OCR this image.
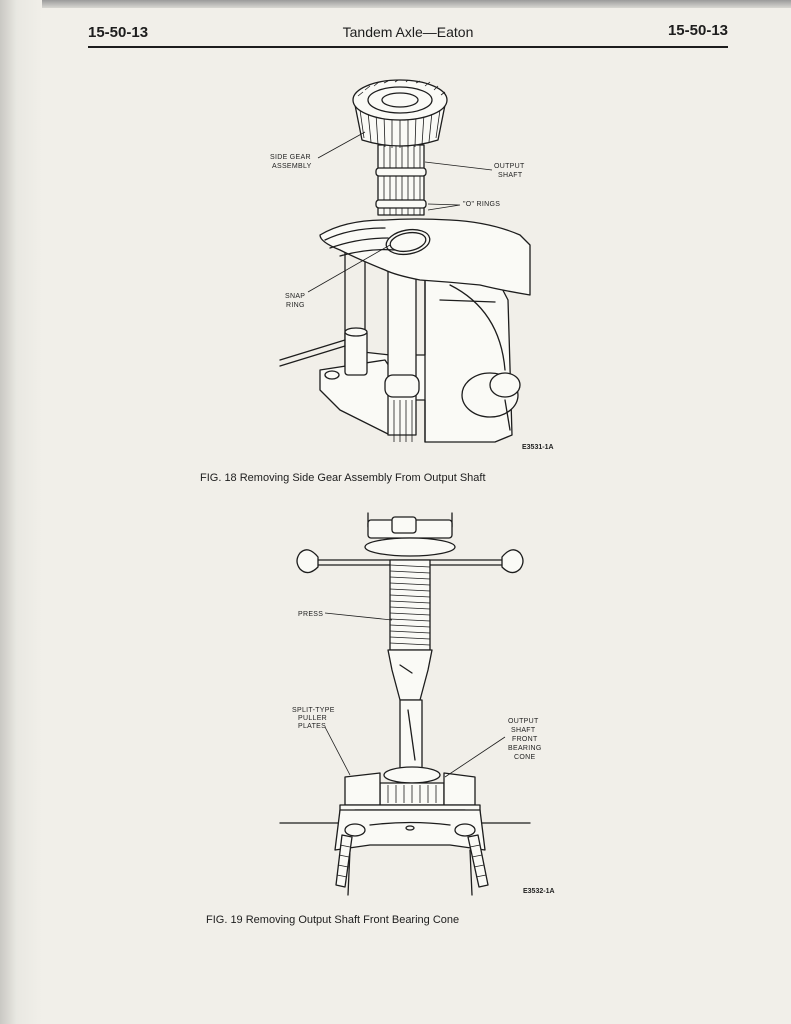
15-50-13	Tandem Axle—Eaton	15-50-13
SIDE GEAR
ASSEMBLY	OUTPUT
SHAFT
"O" RINGS
SNAP
RING
E3531-1A
FIG. 18 Removing Side Gear Assembly From Output Shaft
PRESS
SPLIT-TYPE
PULLER
PLATES
OUTPUT
SHAFT
FRONT
BEARING
CONE
E3532-1A
FIG. 19 Removing Output Shaft Front Bearing Cone
